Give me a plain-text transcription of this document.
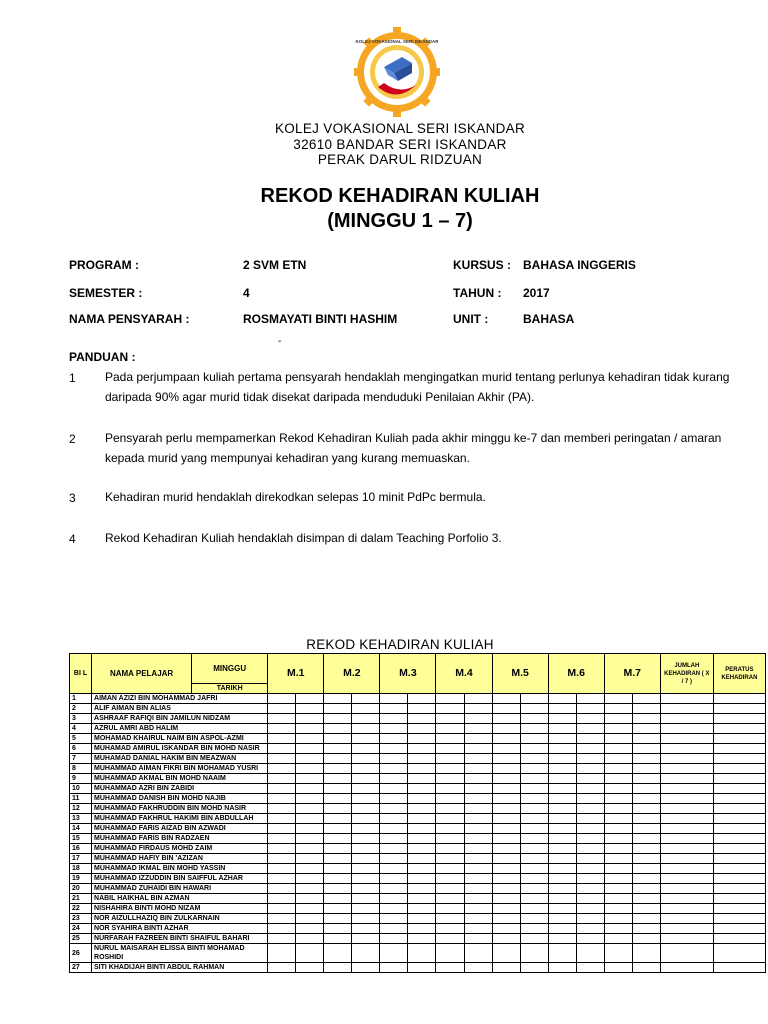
KOLEJ VOKASIONAL SERI ISKANDAR
KOLEJ VOKASIONAL SERI ISKANDAR
32610 BANDAR SERI ISKANDAR
PERAK DARUL RIDZUAN
REKOD KEHADIRAN KULIAH
(MINGGU 1 – 7)
PROGRAM :	2 SVM ETN	KURSUS : BAHASA INGGERIS
SEMESTER :	4	TAHUN : 2017
NAMA PENSYARAH :	ROSMAYATI BINTI HASHIM	UNIT :	BAHASA
-
PANDUAN :
1 Pada perjumpaan kuliah pertama pensyarah hendaklah mengingatkan murid tentang perlunya kehadiran tidak kurang daripada 90% agar murid tidak disekat daripada menduduki Penilaian Akhir (PA).
2 Pensyarah perlu mempamerkan Rekod Kehadiran Kuliah pada akhir minggu ke-7 dan memberi peringatan / amaran kepada murid yang mempunyai kehadiran yang kurang memuaskan.
3 Kehadiran murid hendaklah direkodkan selepas 10 minit PdPc bermula.
4 Rekod Kehadiran Kuliah hendaklah disimpan di dalam Teaching Porfolio 3.
REKOD KEHADIRAN KULIAH
BI L	NAMA PELAJAR	MINGGU	M.1		M.2		M.3		M.4		M.5		M.6		M.7		JUMLAH KEHADIRAN ( X / 7 )	PERATUS KEHADIRAN
		TARIKH																
1	AIMAN AZIZI BIN MOHAMMAD JAFRI																	
2	ALIF AIMAN BIN ALIAS																	
3	ASHRAAF RAFIQI BIN JAMILUN NIDZAM																	
4	AZRUL AMRI ABD HALIM																	
5	MOHAMAD KHAIRUL NAIM BIN ASPOL-AZMI																	
6	MUHAMAD AMIRUL ISKANDAR BIN MOHD NASIR																	
7	MUHAMAD DANIAL HAKIM BIN MEAZWAN																	
8	MUHAMMAD AIMAN FIKRI BIN MOHAMAD YUSRI																	
9	MUHAMMAD AKMAL BIN MOHD NAAIM																	
10	MUHAMMAD AZRI BIN ZABIDI																	
11	MUHAMMAD DANISH BIN MOHD NAJIB																	
12	MUHAMMAD FAKHRUDDIN BIN MOHD NASIR																	
13	MUHAMMAD FAKHRUL HAKIMI BIN ABDULLAH																	
14	MUHAMMAD FARIS AIZAD BIN AZWADI																	
15	MUHAMMAD FARIS BIN RADZAEN																	
16	MUHAMMAD FIRDAUS MOHD ZAIM																	
17	MUHAMMAD HAFIY BIN 'AZIZAN																	
18	MUHAMMAD IKMAL BIN MOHD YASSIN																	
19	MUHAMMAD IZZUDDIN BIN SAIFFUL AZHAR																	
20	MUHAMMAD ZUHAIDI BIN HAWARI																	
21	NABIL HAIKHAL BIN AZMAN																	
22	NISHAHIRA BINTI MOHD NIZAM																	
23	NOR AIZULLHAZIQ BIN ZULKARNAIN																	
24	NOR SYAHIRA BINTI AZHAR																	
25	NURFARAH FAZREEN BINTI SHAIFUL BAHARI																	
26	NURUL MAISARAH ELISSA BINTI MOHAMAD ROSHIDI																	
27	SITI KHADIJAH BINTI ABDUL RAHMAN																	
